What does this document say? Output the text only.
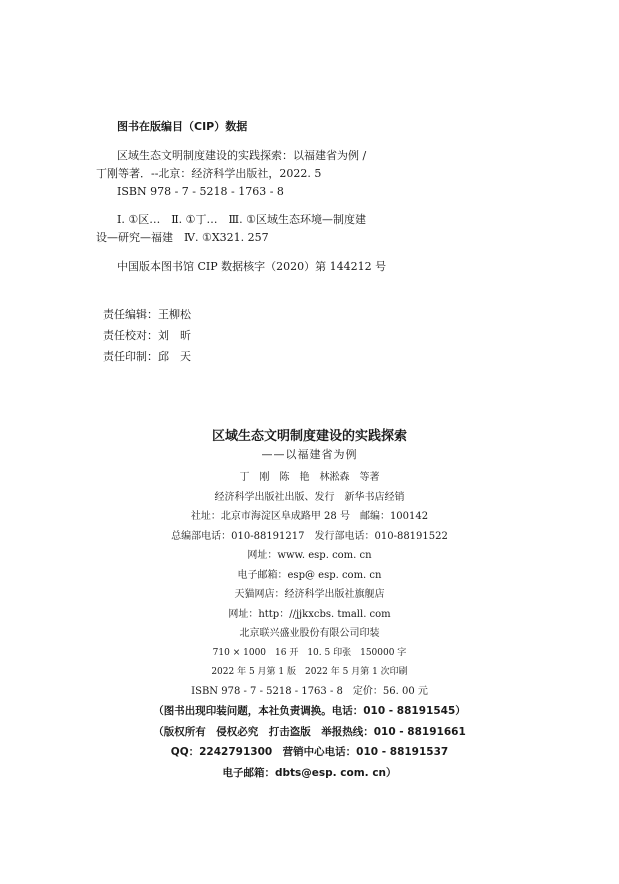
图书在版编目（CIP）数据
区域生态文明制度建设的实践探索：以福建省为例 /
丁刚等著．--北京：经济科学出版社，2022. 5
ISBN 978 - 7 - 5218 - 1763 - 8
Ⅰ. ①区…　Ⅱ. ①丁…　Ⅲ. ①区域生态环境—制度建
设—研究—福建　Ⅳ. ①X321. 257
中国版本图书馆 CIP 数据核字（2020）第 144212 号
责任编辑：王柳松
责任校对：刘　昕
责任印制：邱　天
区域生态文明制度建设的实践探索
——以福建省为例
丁　刚　陈　艳　林淞森　等著
经济科学出版社出版、发行　新华书店经销
社址：北京市海淀区阜成路甲 28 号　邮编：100142
总编部电话：010-88191217　发行部电话：010-88191522
网址：www. esp. com. cn
电子邮箱：esp@ esp. com. cn
天猫网店：经济科学出版社旗舰店
网址：http：//jjkxcbs. tmall. com
北京联兴盛业股份有限公司印装
710 × 1000　16 开　10. 5 印张　150000 字
2022 年 5 月第 1 版　2022 年 5 月第 1 次印刷
ISBN 978 - 7 - 5218 - 1763 - 8　定价：56. 00 元
（图书出现印装问题，本社负责调换。电话：010 - 88191545）
（版权所有　侵权必究　打击盗版　举报热线：010 - 88191661
QQ：2242791300　营销中心电话：010 - 88191537
电子邮箱：dbts@esp. com. cn）
